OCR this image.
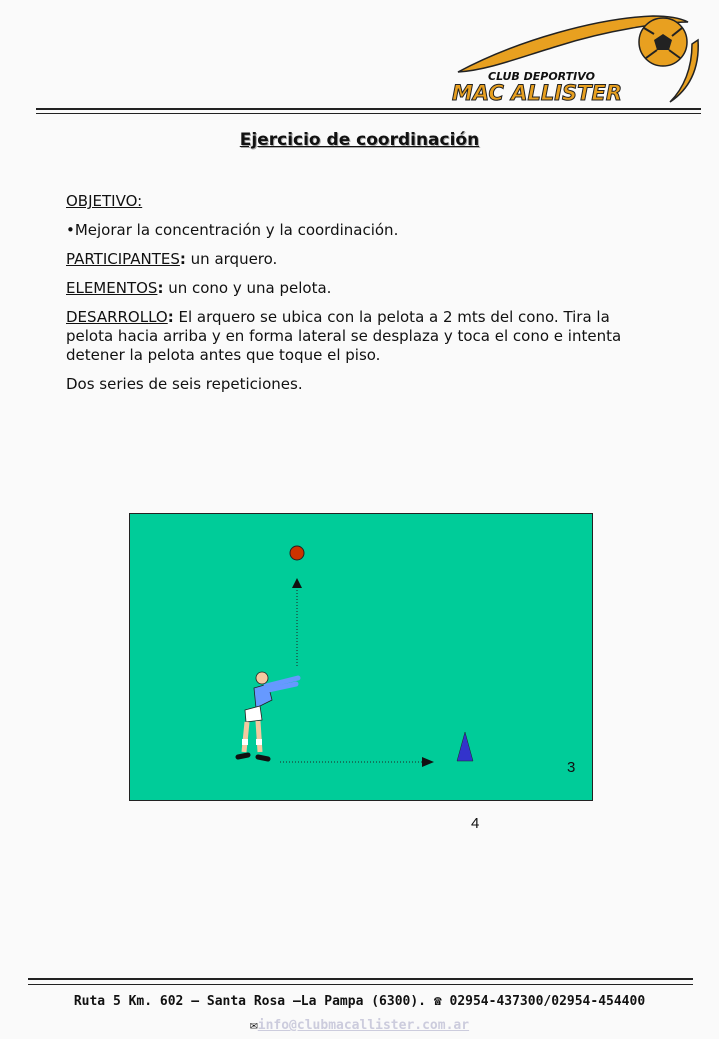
CLUB DEPORTIVO
MAC ALLISTER
Ejercicio de coordinación

OBJETIVO:

•Mejorar la concentración y la coordinación.

PARTICIPANTES: un arquero.

ELEMENTOS: un cono y una pelota.

DESARROLLO: El arquero se ubica con la pelota a 2 mts del cono. Tira la pelota hacia arriba y en forma lateral se desplaza y toca el cono e intenta detener la pelota antes que toque el piso.

Dos series de seis repeticiones.

3
4
Ruta 5 Km. 602 – Santa Rosa –La Pampa (6300). ☎ 02954-437300/02954-454400
✉info@clubmacallister.com.ar
